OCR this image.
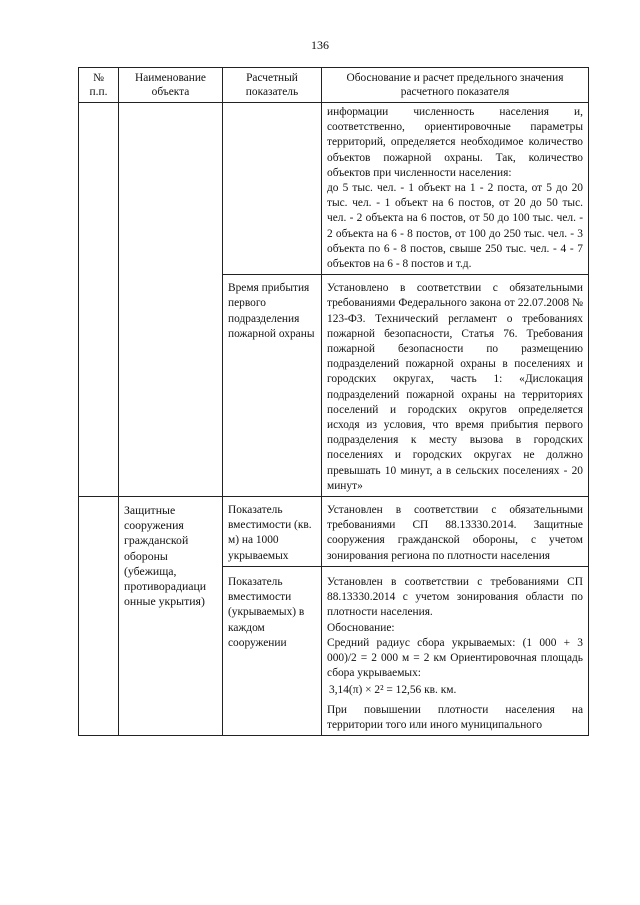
136
№ п.п.	Наименование объекта	Расчетный показатель	Обоснование и расчет предельного значения расчетного показателя

			информации численность населения и, соответственно, ориентировочные параметры территорий, определяется необходимое количество объектов пожарной охраны. Так, количество объектов при численности населения:

до 5 тыс. чел. - 1 объект на 1 - 2 поста, от 5 до 20 тыс. чел. - 1 объект на 6 постов, от 20 до 50 тыс. чел. - 2 объекта на 6 постов, от 50 до 100 тыс. чел. - 2 объекта на 6 - 8 постов, от 100 до 250 тыс. чел. - 3 объекта по 6 - 8 постов, свыше 250 тыс. чел. - 4 - 7 объектов на 6 - 8 постов и т.д.

		Время прибытия первого подразделения пожарной охраны	Установлено в соответствии с обязательными требованиями Федерального закона от 22.07.2008 № 123-ФЗ. Технический регламент о требованиях пожарной безопасности, Статья 76. Требования пожарной безопасности по размещению подразделений пожарной охраны в поселениях и городских округах, часть 1: «Дислокация подразделений пожарной охраны на территориях поселений и городских округов определяется исходя из условия, что время прибытия первого подразделения к месту вызова в городских поселениях и городских округах не должно превышать 10 минут, а в сельских поселениях - 20 минут»
	Защитные сооружения гражданской обороны (убежища, противорадиаци онные укрытия)	Показатель вместимости (кв. м) на 1000 укрываемых	Установлен в соответствии с обязательными требованиями СП 88.13330.2014. Защитные сооружения гражданской обороны, с учетом зонирования региона по плотности населения
		Показатель вместимости (укрываемых) в каждом сооружении	Установлен в соответствии с требованиями СП 88.13330.2014 с учетом зонирования области по плотности населения.

Обоснование:

Средний радиус сбора укрываемых: (1 000 + 3 000)/2 = 2 000 м = 2 км Ориентировочная площадь сбора укрываемых:

3,14(π) × 2² = 12,56 кв. км.

При повышении плотности населения на территории того или иного муниципального
